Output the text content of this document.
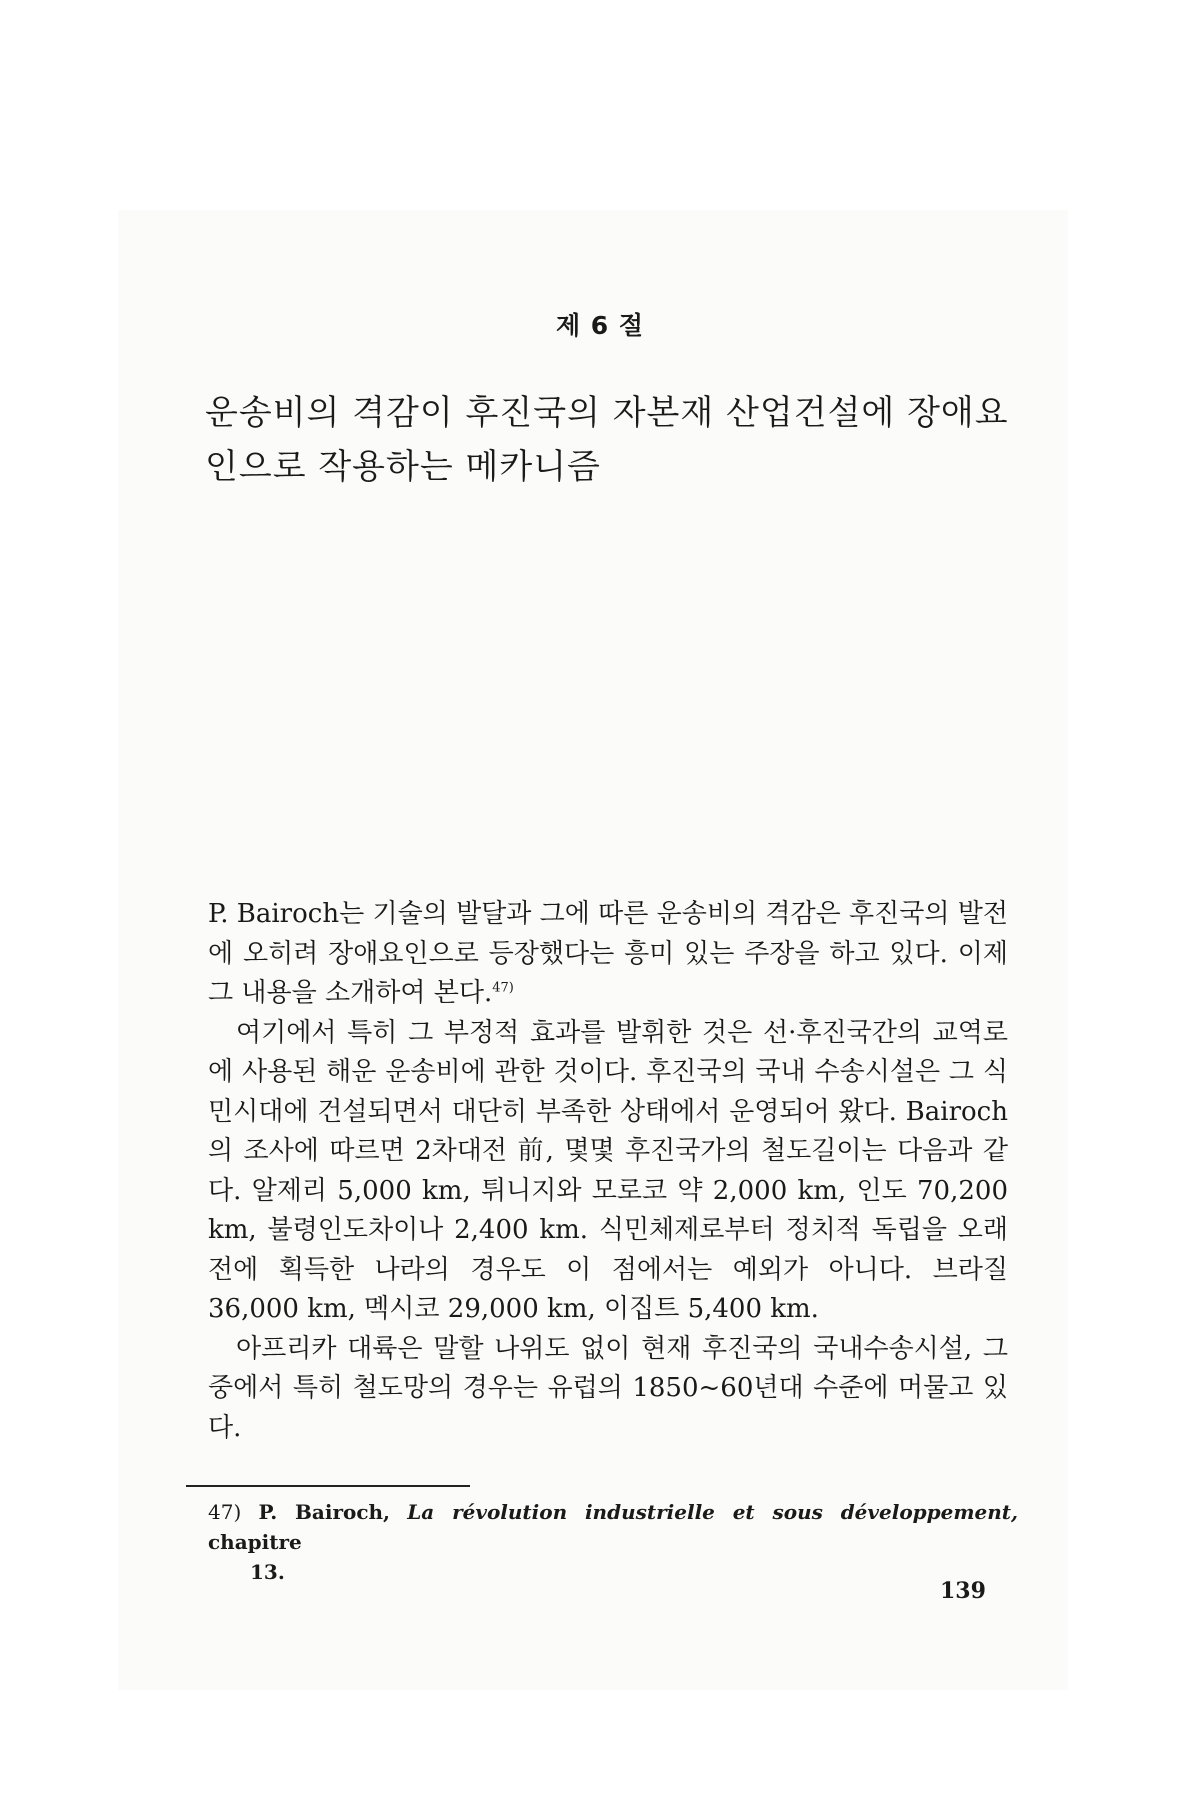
제 6 절
운송비의 격감이 후진국의 자본재 산업건설에 장애요인으로 작용하는 메카니즘

P. Bairoch는 기술의 발달과 그에 따른 운송비의 격감은 후진국의 발전에 오히려 장애요인으로 등장했다는 흥미 있는 주장을 하고 있다. 이제 그 내용을 소개하여 본다.$^{47)}$

여기에서 특히 그 부정적 효과를 발휘한 것은 선·후진국간의 교역로에 사용된 해운 운송비에 관한 것이다. 후진국의 국내 수송시설은 그 식민시대에 건설되면서 대단히 부족한 상태에서 운영되어 왔다. Bairoch의 조사에 따르면 2차대전 前, 몇몇 후진국가의 철도길이는 다음과 같다. 알제리 5,000 km, 튀니지와 모로코 약 2,000 km, 인도 70,200 km, 불령인도차이나 2,400 km. 식민체제로부터 정치적 독립을 오래 전에 획득한 나라의 경우도 이 점에서는 예외가 아니다. 브라질 36,000 km, 멕시코 29,000 km, 이집트 5,400 km.

아프리카 대륙은 말할 나위도 없이 현재 후진국의 국내수송시설, 그중에서 특히 철도망의 경우는 유럽의 1850~60년대 수준에 머물고 있다.

47) P. Bairoch, La révolution industrielle et sous développement, chapitre
13.
139
